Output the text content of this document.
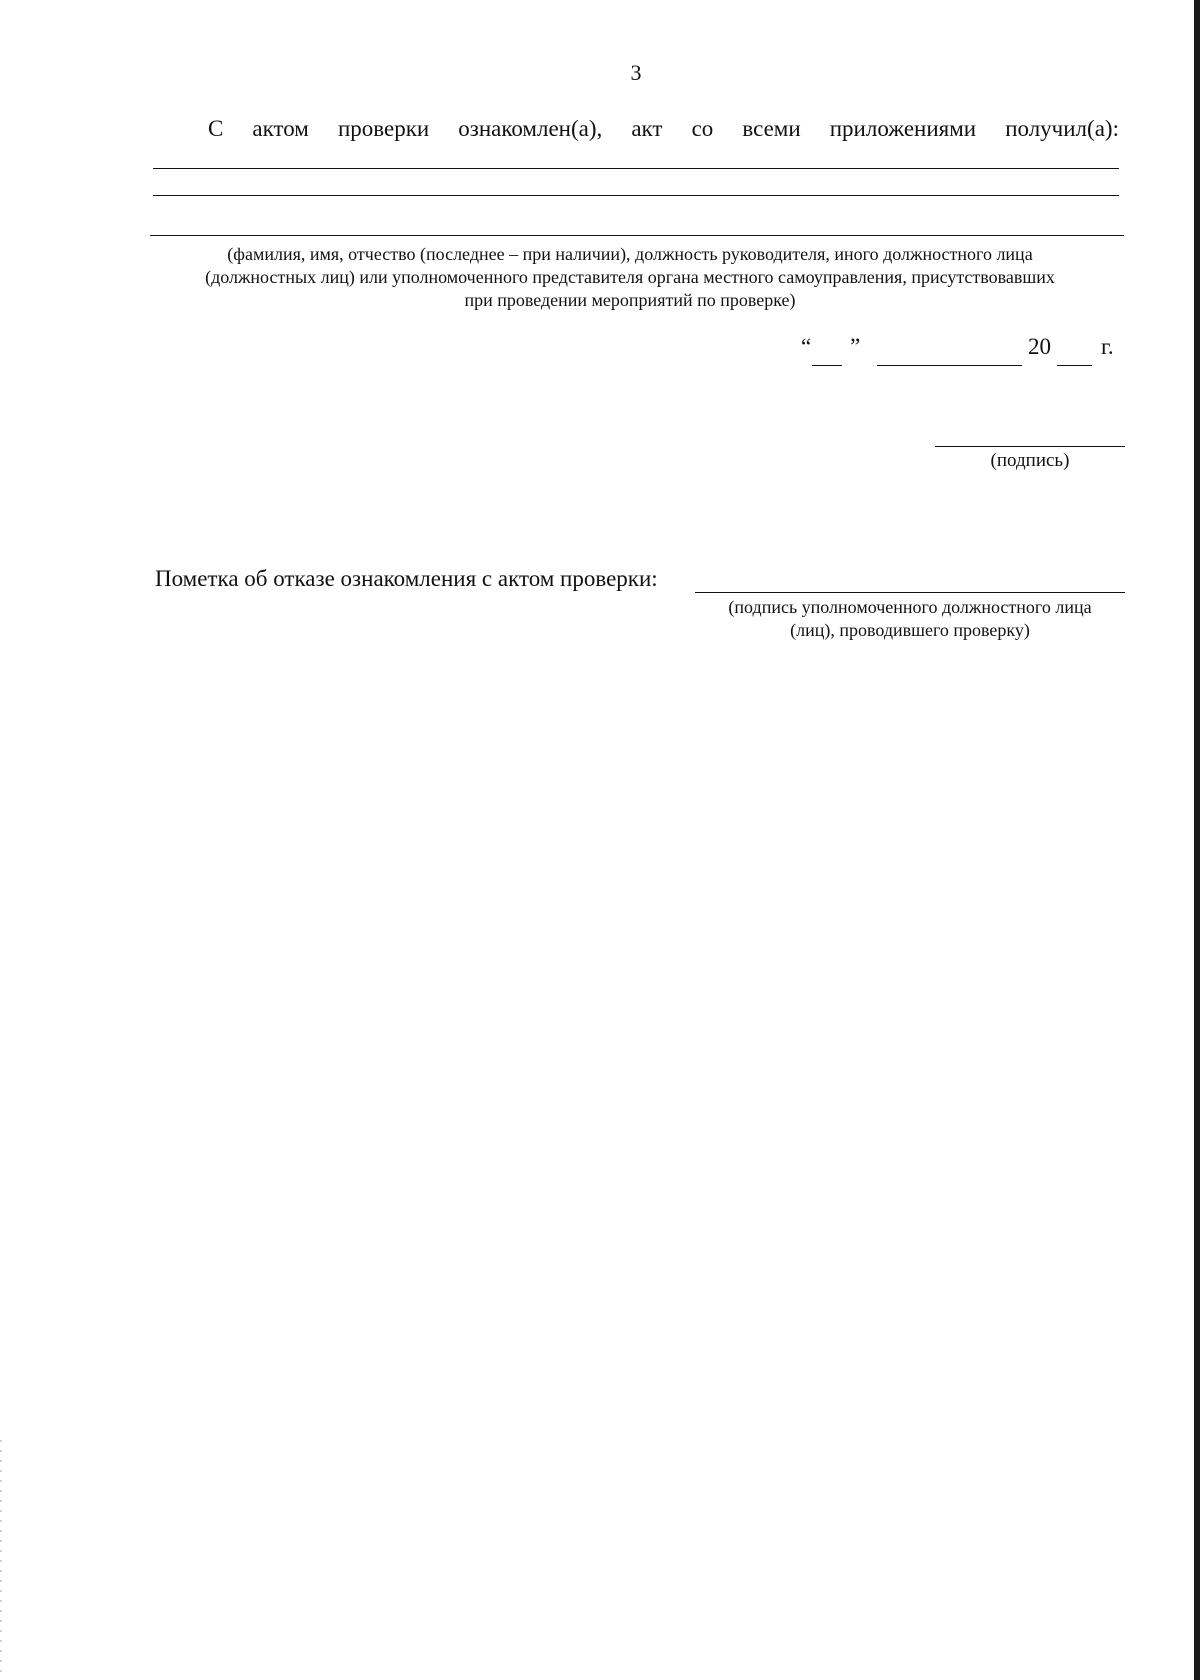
3
С актом проверки ознакомлен(а), акт со всеми приложениями получил(а):
(фамилия, имя, отчество (последнее – при наличии), должность руководителя, иного должностного лица
(должностных лиц) или уполномоченного представителя органа местного самоуправления, присутствовавших
при проведении мероприятий по проверке)
“ ”	20 г.
(подпись)
Пометка об отказе ознакомления с актом проверки:
(подпись уполномоченного должностного лица
(лиц), проводившего проверку)
